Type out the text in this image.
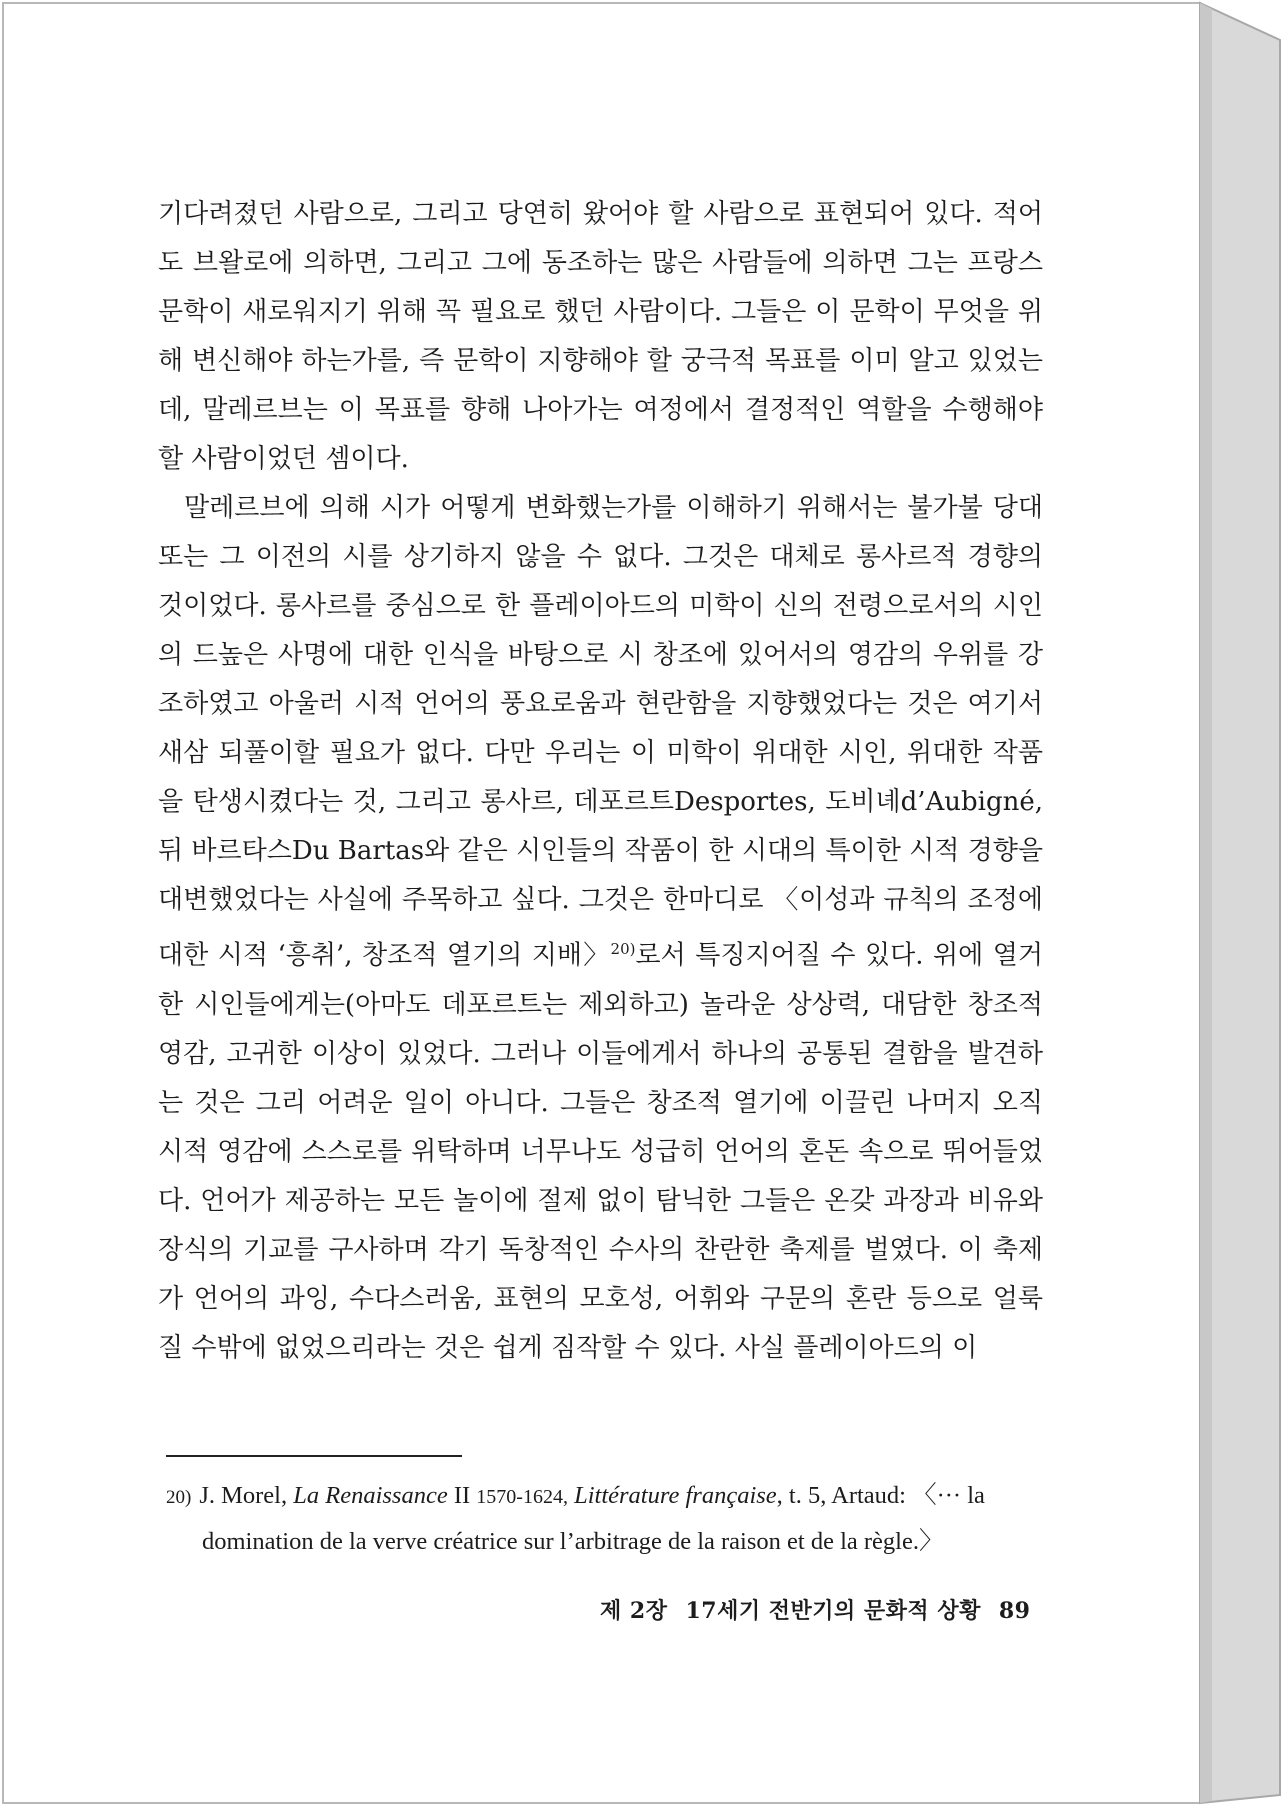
기다려졌던 사람으로, 그리고 당연히 왔어야 할 사람으로 표현되어 있다. 적어도 브왈로에 의하면, 그리고 그에 동조하는 많은 사람들에 의하면 그는 프랑스 문학이 새로워지기 위해 꼭 필요로 했던 사람이다. 그들은 이 문학이 무엇을 위해 변신해야 하는가를, 즉 문학이 지향해야 할 궁극적 목표를 이미 알고 있었는데, 말레르브는 이 목표를 향해 나아가는 여정에서 결정적인 역할을 수행해야 할 사람이었던 셈이다.

말레르브에 의해 시가 어떻게 변화했는가를 이해하기 위해서는 불가불 당대 또는 그 이전의 시를 상기하지 않을 수 없다. 그것은 대체로 롱사르적 경향의 것이었다. 롱사르를 중심으로 한 플레이아드의 미학이 신의 전령으로서의 시인의 드높은 사명에 대한 인식을 바탕으로 시 창조에 있어서의 영감의 우위를 강조하였고 아울러 시적 언어의 풍요로움과 현란함을 지향했었다는 것은 여기서 새삼 되풀이할 필요가 없다. 다만 우리는 이 미학이 위대한 시인, 위대한 작품을 탄생시켰다는 것, 그리고 롱사르, 데포르트Desportes, 도비녜d’Aubigné, 뒤 바르타스Du Bartas와 같은 시인들의 작품이 한 시대의 특이한 시적 경향을 대변했었다는 사실에 주목하고 싶다. 그것은 한마디로 〈이성과 규칙의 조정에 대한 시적 ‘흥취’, 창조적 열기의 지배〉$^{20)}$로서 특징지어질 수 있다. 위에 열거한 시인들에게는(아마도 데포르트는 제외하고) 놀라운 상상력, 대담한 창조적 영감, 고귀한 이상이 있었다. 그러나 이들에게서 하나의 공통된 결함을 발견하는 것은 그리 어려운 일이 아니다. 그들은 창조적 열기에 이끌린 나머지 오직 시적 영감에 스스로를 위탁하며 너무나도 성급히 언어의 혼돈 속으로 뛰어들었다. 언어가 제공하는 모든 놀이에 절제 없이 탐닉한 그들은 온갖 과장과 비유와 장식의 기교를 구사하며 각기 독창적인 수사의 찬란한 축제를 벌였다. 이 축제가 언어의 과잉, 수다스러움, 표현의 모호성, 어휘와 구문의 혼란 등으로 얼룩질 수밖에 없었으리라는 것은 쉽게 짐작할 수 있다. 사실 플레이아드의 이

20) J. Morel, La Renaissance II 1570-1624, Littérature française, t. 5, Artaud: 〈··· la
domination de la verve créatrice sur l’arbitrage de la raison et de la règle.〉
제 2장 17세기 전반기의 문화적 상황 89
